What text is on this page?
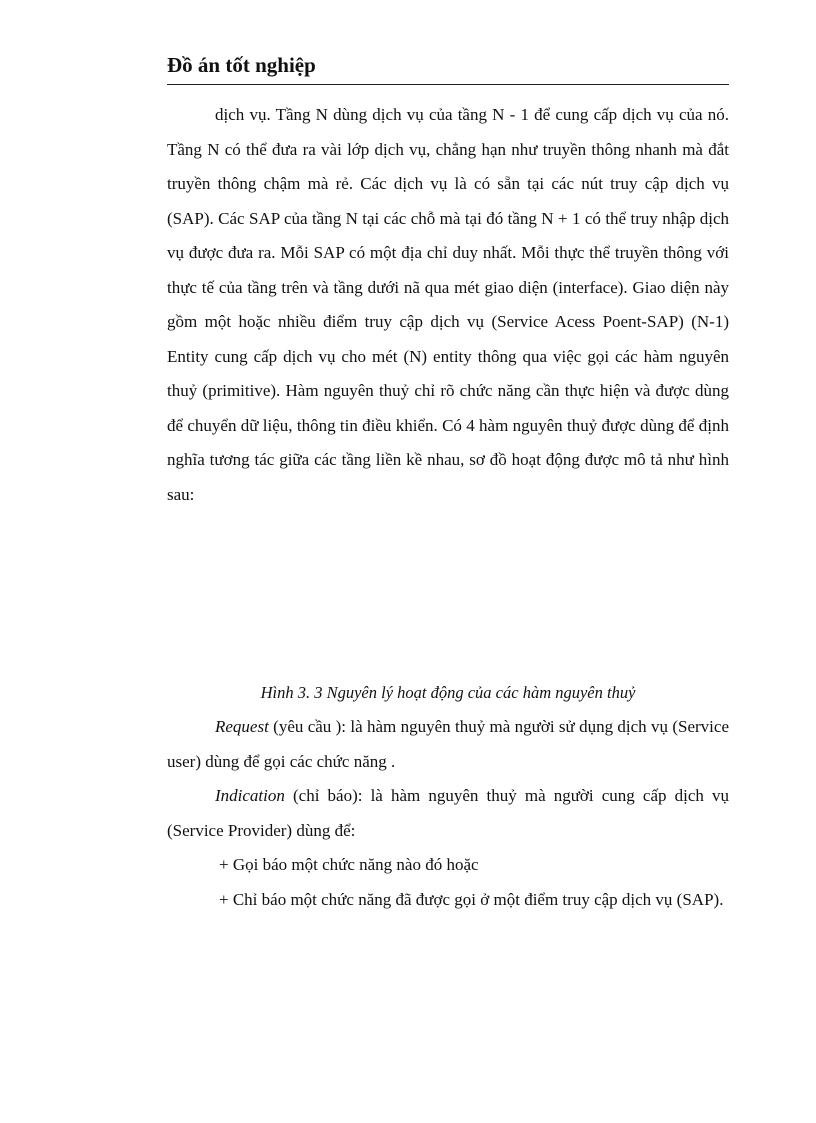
Đồ án tốt nghiệp

dịch vụ. Tầng N dùng dịch vụ của tầng N - 1 để cung cấp dịch vụ của nó. Tầng N có thể đưa ra vài lớp dịch vụ, chẳng hạn như truyền thông nhanh mà đắt truyền thông chậm mà rẻ. Các dịch vụ là có sẵn tại các nút truy cập dịch vụ (SAP). Các SAP của tầng N tại các chỗ mà tại đó tầng N + 1 có thể truy nhập dịch vụ được đưa ra. Mỗi SAP có một địa chỉ duy nhất. Mỗi thực thể truyền thông với thực tế của tầng trên và tầng dưới nã qua mét giao diện (interface). Giao diện này gồm một hoặc nhiều điểm truy cập dịch vụ (Service Acess Poent-SAP) (N-1) Entity cung cấp dịch vụ cho mét (N) entity thông qua việc gọi các hàm nguyên thuỷ (primitive). Hàm nguyên thuỷ chỉ rõ chức năng cần thực hiện và được dùng để chuyển dữ liệu, thông tin điều khiển. Có 4 hàm nguyên thuỷ được dùng để định nghĩa tương tác giữa các tầng liền kề nhau, sơ đồ hoạt động được mô tả như hình sau:

Hình 3. 3 Nguyên lý hoạt động của các hàm nguyên thuỷ

Request (yêu cầu ): là hàm nguyên thuỷ mà người sử dụng dịch vụ (Service user) dùng để gọi các chức năng .

Indication (chỉ báo): là hàm nguyên thuỷ mà người cung cấp dịch vụ (Service Provider) dùng để:

+ Gọi báo một chức năng nào đó hoặc

+ Chỉ báo một chức năng đã được gọi ở một điểm truy cập dịch vụ (SAP).
